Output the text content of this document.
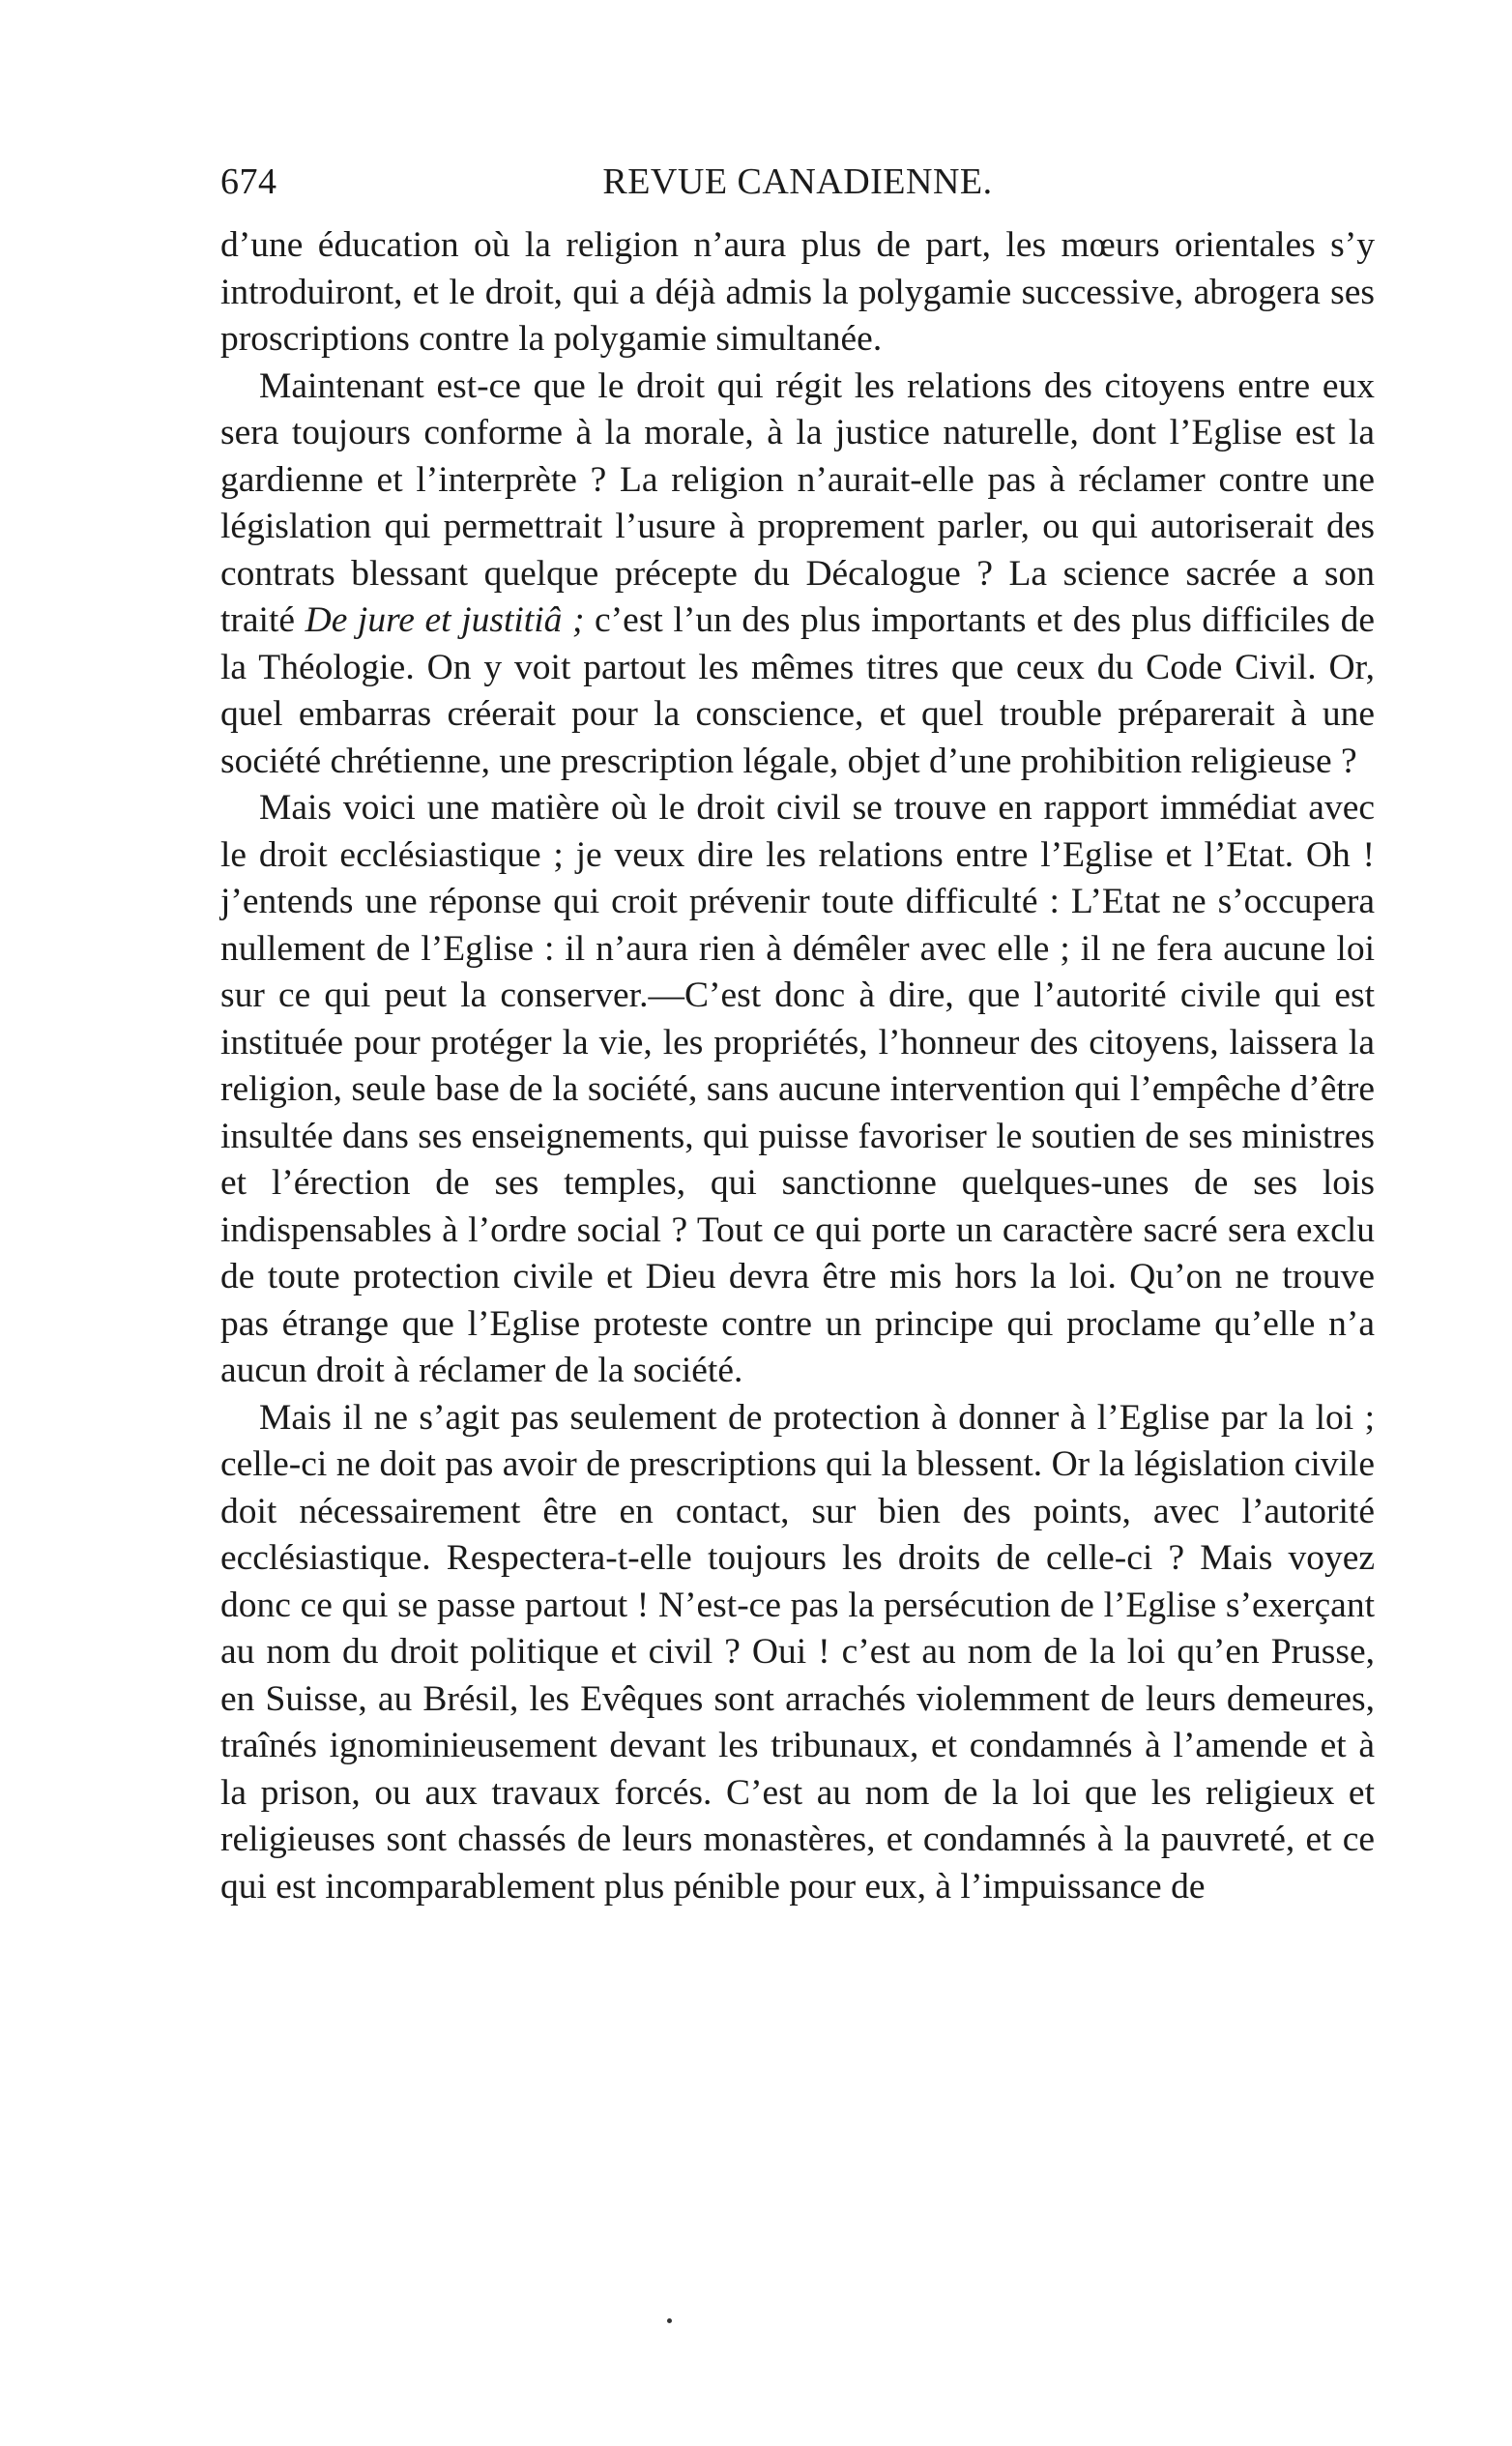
674	REVUE CANADIENNE.

d’une éducation où la religion n’aura plus de part, les mœurs orientales s’y introduiront, et le droit, qui a déjà admis la polygamie successive, abrogera ses proscriptions contre la polygamie simultanée.

Maintenant est-ce que le droit qui régit les relations des citoyens entre eux sera toujours conforme à la morale, à la justice naturelle, dont l’Eglise est la gardienne et l’interprète ? La religion n’aurait-elle pas à réclamer contre une législation qui permettrait l’usure à proprement parler, ou qui autoriserait des contrats blessant quelque précepte du Décalogue ? La science sacrée a son traité De jure et justitiâ ; c’est l’un des plus importants et des plus difficiles de la Théologie. On y voit partout les mêmes titres que ceux du Code Civil. Or, quel embarras créerait pour la conscience, et quel trouble préparerait à une société chrétienne, une prescription légale, objet d’une prohibition religieuse ?

Mais voici une matière où le droit civil se trouve en rapport immédiat avec le droit ecclésiastique ; je veux dire les relations entre l’Eglise et l’Etat. Oh ! j’entends une réponse qui croit prévenir toute difficulté : L’Etat ne s’occupera nullement de l’Eglise : il n’aura rien à démêler avec elle ; il ne fera aucune loi sur ce qui peut la conserver.—C’est donc à dire, que l’autorité civile qui est instituée pour protéger la vie, les propriétés, l’honneur des citoyens, laissera la religion, seule base de la société, sans aucune intervention qui l’empêche d’être insultée dans ses enseignements, qui puisse favoriser le soutien de ses ministres et l’érection de ses temples, qui sanctionne quelques-unes de ses lois indispensables à l’ordre social ? Tout ce qui porte un caractère sacré sera exclu de toute protection civile et Dieu devra être mis hors la loi. Qu’on ne trouve pas étrange que l’Eglise proteste contre un principe qui proclame qu’elle n’a aucun droit à réclamer de la société.

Mais il ne s’agit pas seulement de protection à donner à l’Eglise par la loi ; celle-ci ne doit pas avoir de prescriptions qui la blessent. Or la législation civile doit nécessairement être en contact, sur bien des points, avec l’autorité ecclésiastique. Respectera-t-elle toujours les droits de celle-ci ? Mais voyez donc ce qui se passe partout ! N’est-ce pas la persécution de l’Eglise s’exerçant au nom du droit politique et civil ? Oui ! c’est au nom de la loi qu’en Prusse, en Suisse, au Brésil, les Evêques sont arrachés violemment de leurs demeures, traînés ignominieusement devant les tribunaux, et condamnés à l’amende et à la prison, ou aux travaux forcés. C’est au nom de la loi que les religieux et religieuses sont chassés de leurs monastères, et condamnés à la pauvreté, et ce qui est incomparablement plus pénible pour eux, à l’impuissance de
